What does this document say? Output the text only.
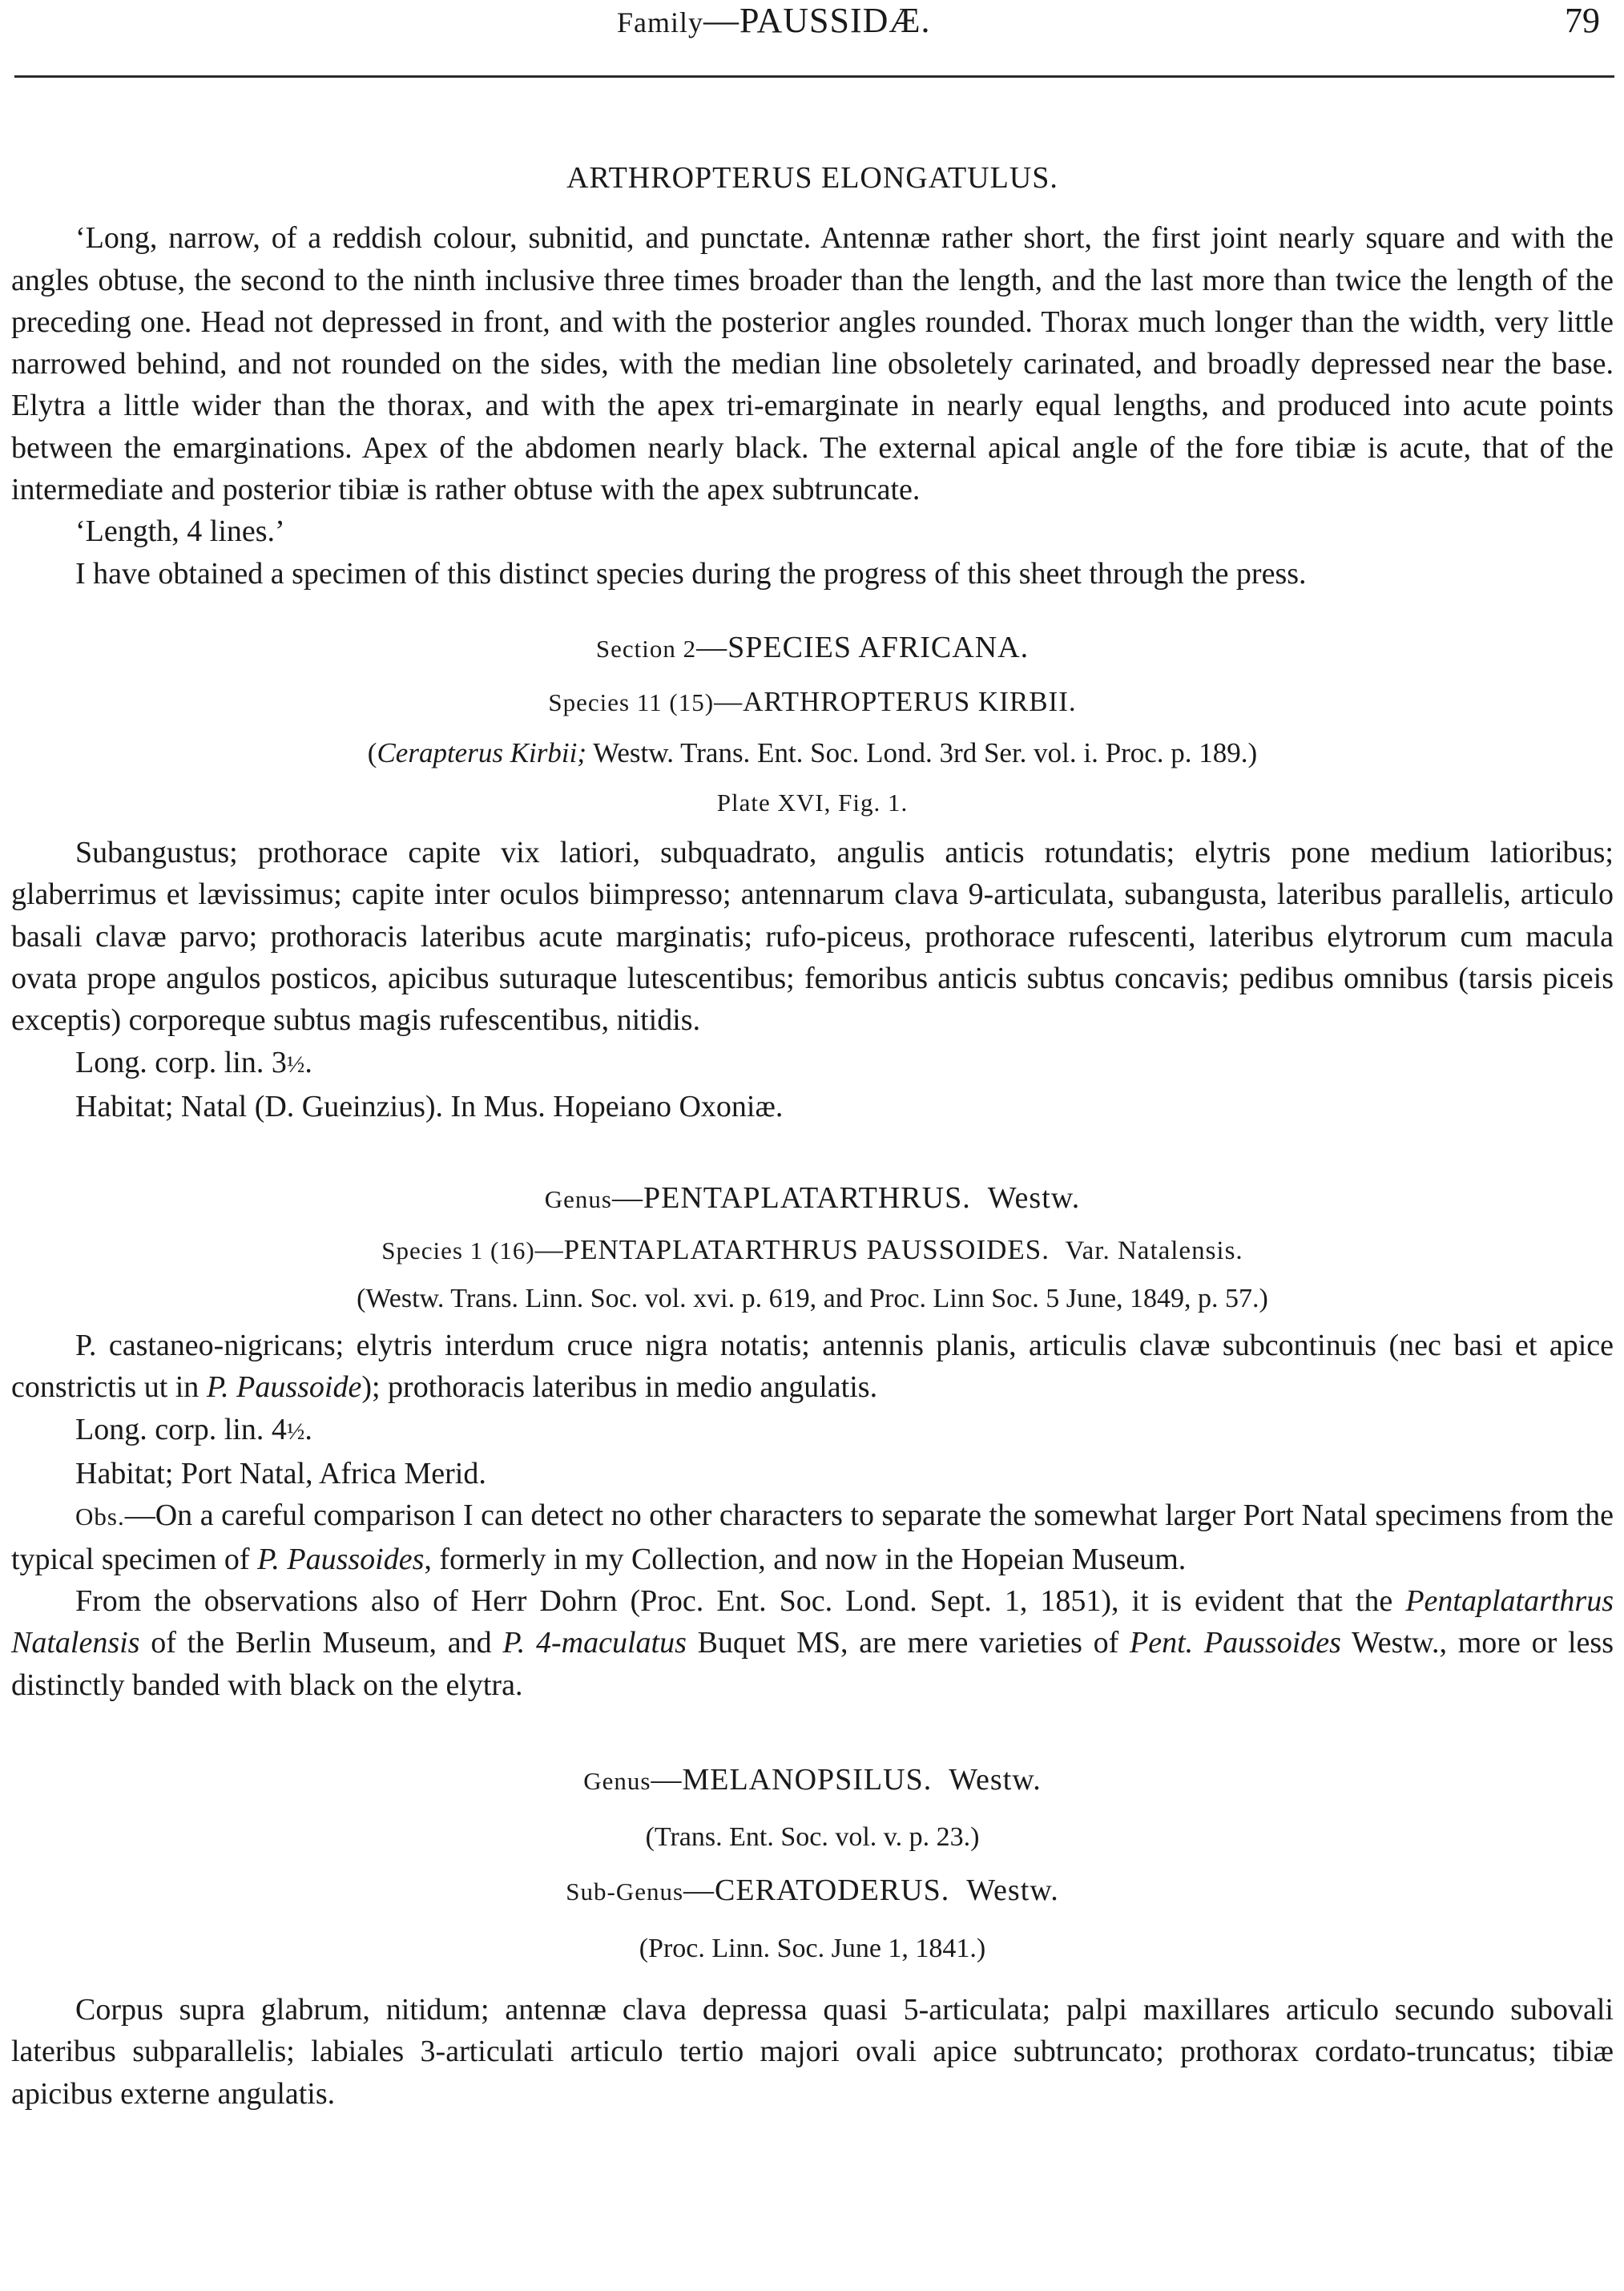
Family—PAUSSIDÆ.	79
ARTHROPTERUS ELONGATULUS.

‘Long, narrow, of a reddish colour, subnitid, and punctate. Antennæ rather short, the first joint nearly square and with the angles obtuse, the second to the ninth inclusive three times broader than the length, and the last more than twice the length of the preceding one. Head not depressed in front, and with the posterior angles rounded. Thorax much longer than the width, very little narrowed behind, and not rounded on the sides, with the median line obsoletely carinated, and broadly depressed near the base. Elytra a little wider than the thorax, and with the apex tri-emarginate in nearly equal lengths, and produced into acute points between the emarginations. Apex of the abdomen nearly black. The external apical angle of the fore tibiæ is acute, that of the intermediate and posterior tibiæ is rather obtuse with the apex subtruncate.

‘Length, 4 lines.’

I have obtained a specimen of this distinct species during the progress of this sheet through the press.

Section 2—SPECIES AFRICANA.
Species 11 (15)—ARTHROPTERUS KIRBII.
(Cerapterus Kirbii; Westw. Trans. Ent. Soc. Lond. 3rd Ser. vol. i. Proc. p. 189.)
Plate XVI, Fig. 1.

Subangustus; prothorace capite vix latiori, subquadrato, angulis anticis rotundatis; elytris pone medium latioribus; glaberrimus et lævissimus; capite inter oculos biimpresso; antennarum clava 9-articulata, subangusta, lateribus parallelis, articulo basali clavæ parvo; prothoracis lateribus acute marginatis; rufo-piceus, prothorace rufescenti, lateribus elytrorum cum macula ovata prope angulos posticos, apicibus suturaque lutescentibus; femoribus anticis subtus concavis; pedibus omnibus (tarsis piceis exceptis) corporeque subtus magis rufescentibus, nitidis.

Long. corp. lin. 3½.

Habitat; Natal (D. Gueinzius). In Mus. Hopeiano Oxoniæ.

Genus—PENTAPLATARTHRUS. Westw.
Species 1 (16)—PENTAPLATARTHRUS PAUSSOIDES. Var. Natalensis.
(Westw. Trans. Linn. Soc. vol. xvi. p. 619, and Proc. Linn Soc. 5 June, 1849, p. 57.)

P. castaneo-nigricans; elytris interdum cruce nigra notatis; antennis planis, articulis clavæ subcontinuis (nec basi et apice constrictis ut in P. Paussoide); prothoracis lateribus in medio angulatis.

Long. corp. lin. 4½.

Habitat; Port Natal, Africa Merid.

Obs.—On a careful comparison I can detect no other characters to separate the somewhat larger Port Natal specimens from the typical specimen of P. Paussoides, formerly in my Collection, and now in the Hopeian Museum.

From the observations also of Herr Dohrn (Proc. Ent. Soc. Lond. Sept. 1, 1851), it is evident that the Pentaplatarthrus Natalensis of the Berlin Museum, and P. 4-maculatus Buquet MS, are mere varieties of Pent. Paussoides Westw., more or less distinctly banded with black on the elytra.

Genus—MELANOPSILUS. Westw.
(Trans. Ent. Soc. vol. v. p. 23.)
Sub-Genus—CERATODERUS. Westw.
(Proc. Linn. Soc. June 1, 1841.)

Corpus supra glabrum, nitidum; antennæ clava depressa quasi 5-articulata; palpi maxillares articulo secundo subovali lateribus subparallelis; labiales 3-articulati articulo tertio majori ovali apice subtruncato; prothorax cordato-truncatus; tibiæ apicibus externe angulatis.
